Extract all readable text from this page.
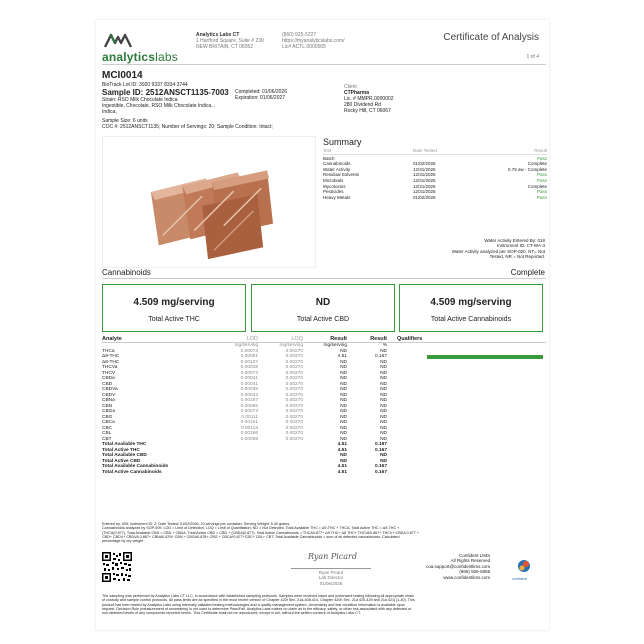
analyticslabs
Analytics Labs CT
1 Hartford Square, Suite # 230
NEW BRITAIN, CT 06052
(860) 925-5227
https://myanalyticslabs.com/
Lic# ACTL.0000005
Certificate of Analysis
1 of 4
MCI0014
BioTrack Lot ID: 3920 9337 8334 3744
Sample ID: 2512ANSCT1135-7003
Strain: RSO Milk Chocolate Indica
Ingestible, Chocolate, RSO Milk Chocolate Indica, .
Indica,
Completed: 01/06/2026
Expiration: 01/06/2027
Sample Size: 6 units
COC #: 2512ANSCT1135; Number of Servings: 20; Sample Condition: Intact;
Client
CTPharma
Lic. # MMPR.0000002
280 Dividend Rd
Rocky Hill, CT 06067
Summary
Test	Date Tested	Result
Batch	Pass
Cannabinoids	01/02/2026	Complete
Water Activity	12/31/2025	0.79 aw - Complete
Residual Solvents	12/31/2025	Pass
Microbials	12/31/2025	Pass
Mycotoxins	12/31/2025	Complete
Pesticides	12/31/2025	Pass
Heavy Metals	01/02/2026	Pass
Water Activity Entered By: 018
Instrument ID: CT-WA-3
Water Activity analyzed per SOP-020. NT= Not
Tested, NR = Not Reported.
Cannabinoids	Complete
4.509 mg/serving
Total Active THC
ND
Total Active CBD
4.509 mg/serving
Total Active Cannabinoids
Analyte	LOD	LOQ	Result	Result	Qualifiers
mg/serving	mg/serving	mg/serving	%
THCa	0.00073	0.00270	ND	ND
Δ9-THC	0.00081	0.00270	4.51	0.167
Δ8-THC	0.00127	0.00270	ND	ND
THCVa	0.00038	0.00270	ND	ND
THCV	0.00073	0.00270	ND	ND
CBDa	0.00041	0.00270	ND	ND
CBD	0.00041	0.00270	ND	ND
CBDVa	0.00035	0.00270	ND	ND
CBDV	0.00024	0.00270	ND	ND
CBNa	0.00197	0.00270	ND	ND
CBN	0.00065	0.00270	ND	ND
CBGa	0.00073	0.00270	ND	ND
CBG	0.00111	0.00270	ND	ND
CBCa	0.00151	0.00270	ND	ND
CBC	0.00113	0.00270	ND	ND
CBL	0.00186	0.00270	ND	ND
CBT	0.00068	0.00270	ND	ND
Total Available THC	4.51	0.167
Total Active THC	4.51	0.167
Total Available CBD	ND	ND
Total Active CBD	ND	ND
Total Available Cannabinoids	4.51	0.167
Total Active Cannabinoids	4.51	0.167
Entered by: 005; Instrument ID: 2; Date Tested: 01/02/2026; 20 servings per container. Serving Weight: 5.40 grams.
Cannabinoids analyzed by SOP-009. LOD = Limit of Detection, LOQ = Limit of Quantitation, ND = Not Detected. Total Available THC = Δ9-THC + THCA, Total Active THC = Δ9-THC +
(THCA(0.877), Total Available CBD = CBD + CBDA, Total Active CBD = CBD + (CBDA(0.877), Total Active Cannabinoids = THCA0.877+ Δ9 THC+ Δ8 THC+ THCVA0.867+ THCV+ CBDA 0.877 +
CBD+ CBDV+ CBDVA 0.867+ CBNA0.876+ CBN + CBGA0.878+ CBG + CBCA*0.877+CBC+ CBL+ CBT. Total Available Cannabinoids = sum of all detected cannabinoids. Calculated
percentage by dry weight
Ryan Picard
Ryan Picard
Lab Director
01/06/2026
Confident LIMS
All Rights Reserved
coa.support@confidentlims.com
(866) 506-5866
www.confidentlims.com	confident
The sampling was performed by Analytics Labs CT LLC, in accordance with established sampling protocols. Samples were received intact and underwent testing following all appropriate chain
of custody and sample control protocols. All pass limits are as specified in the most recent version of Chapter 420f Sec. 21a-408-414, Chapter 420h Sec. 21a 420-429 and 21a 421j (1-40). This
product has been tested by Analytics Labs using internally validated testing methodologies and a quality management system. Uncertainty and test condition information is available upon
request. Decision Rule (measurement of uncertainty) is not used to determine Pass/Fail. Analytics Labs makes no claim as to the efficacy, safety, or other risk associated with any detected or
non-detected levels of any compounds reported herein. This Certificate shall not be reproduced, except in full, without the written consent of Analytics Labs CT.
